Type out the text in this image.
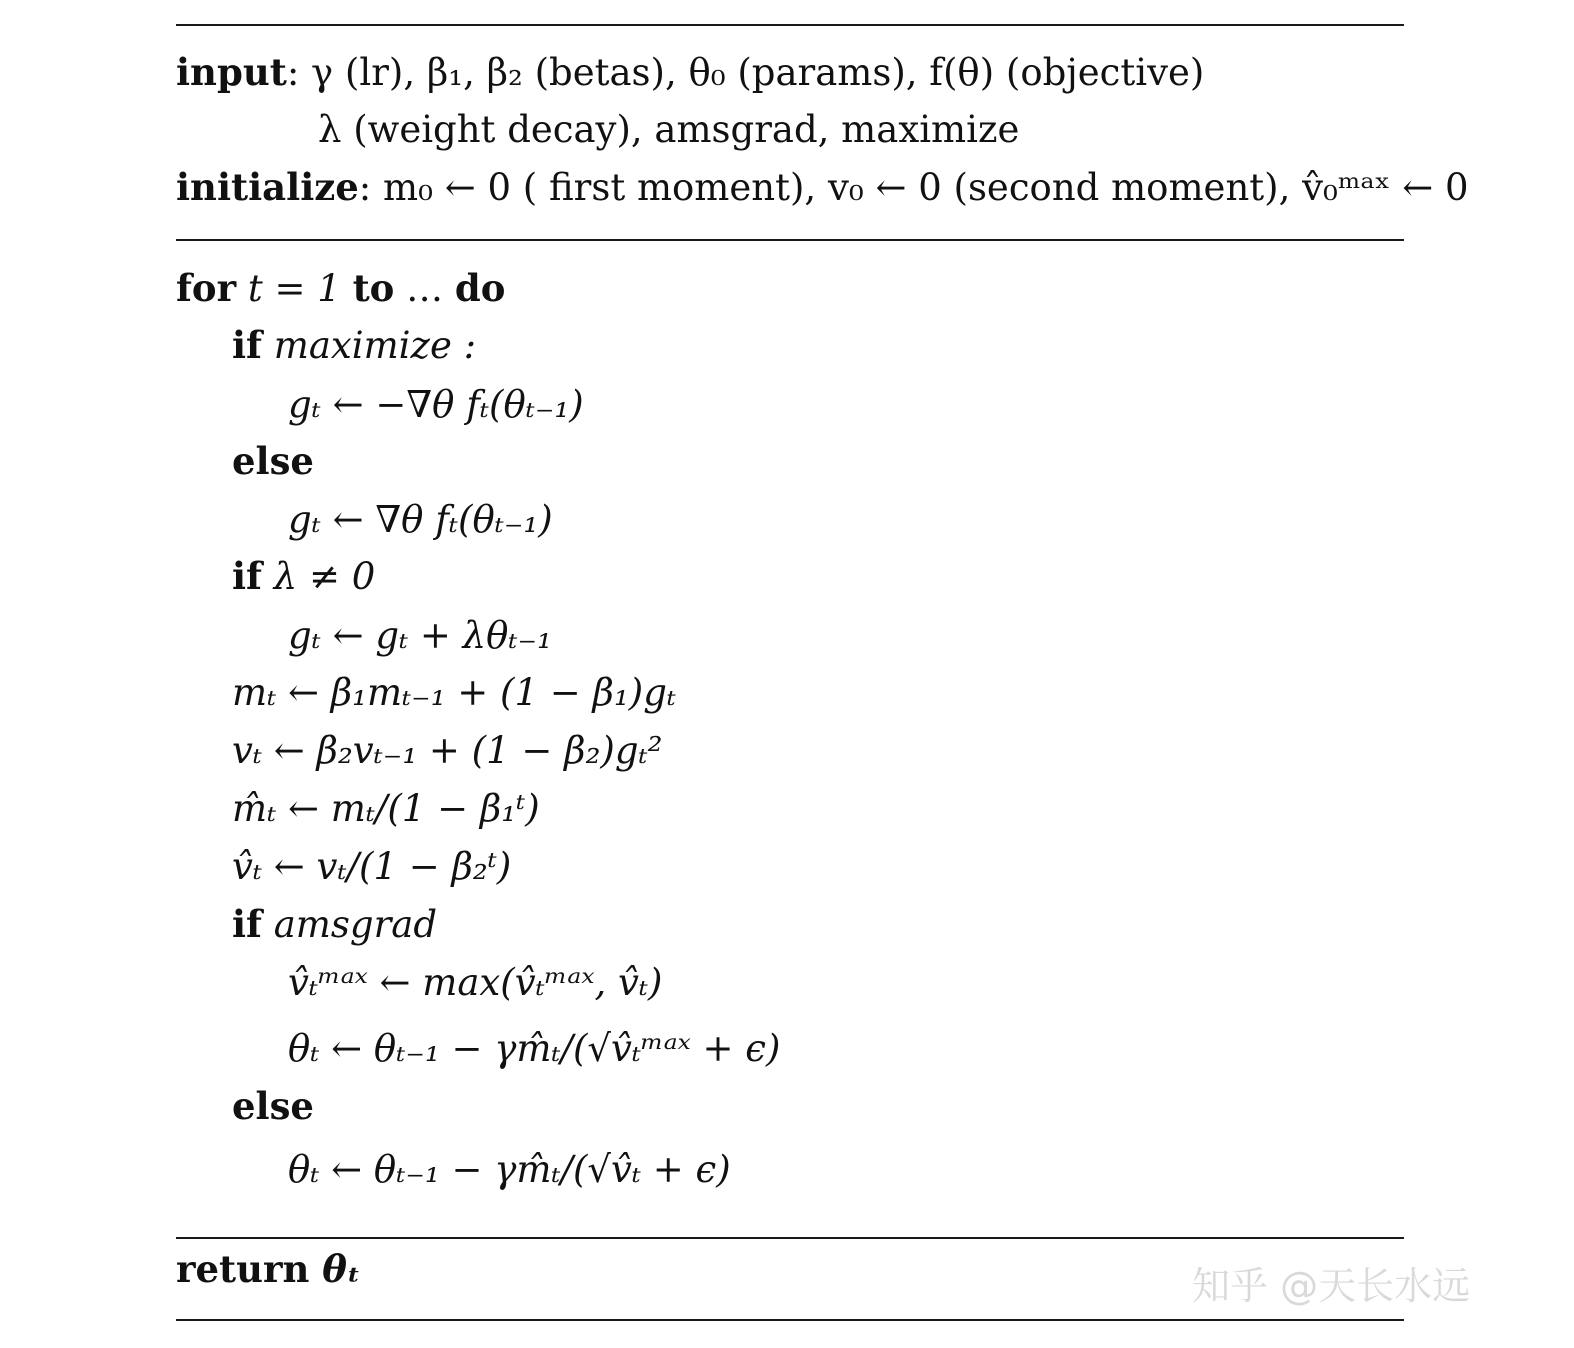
input: γ (lr), β₁, β₂ (betas), θ₀ (params), f(θ) (objective)
λ (weight decay), amsgrad, maximize
initialize: m₀ ← 0 ( first moment), v₀ ← 0 (second moment), v̂₀ᵐᵃˣ ← 0
for t = 1 to … do
if maximize :
gₜ ← −∇θ fₜ(θₜ₋₁)
else
gₜ ← ∇θ fₜ(θₜ₋₁)
if λ ≠ 0
gₜ ← gₜ + λθₜ₋₁
mₜ ← β₁mₜ₋₁ + (1 − β₁)gₜ
vₜ ← β₂vₜ₋₁ + (1 − β₂)gₜ²
m̂ₜ ← mₜ/(1 − β₁ᵗ)
v̂ₜ ← vₜ/(1 − β₂ᵗ)
if amsgrad
v̂ₜᵐᵃˣ ← max(v̂ₜᵐᵃˣ, v̂ₜ)
θₜ ← θₜ₋₁ − γm̂ₜ/(√v̂ₜᵐᵃˣ + ϵ)
else
θₜ ← θₜ₋₁ − γm̂ₜ/(√v̂ₜ + ϵ)
return θₜ	知乎 @天长水远
